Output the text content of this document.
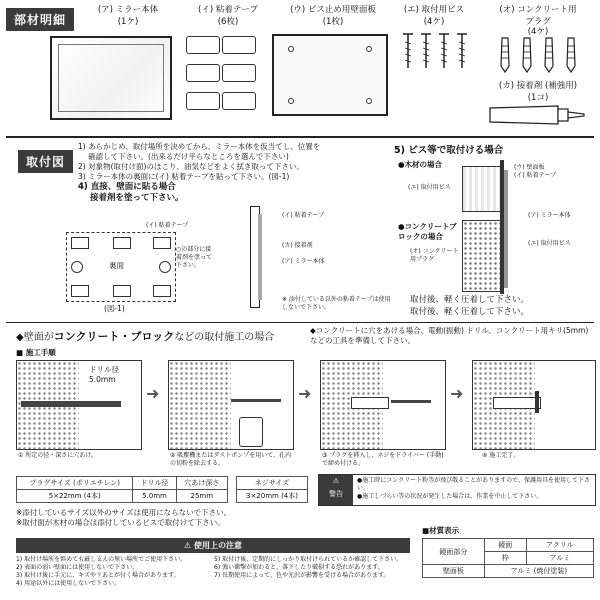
部材明細
(ア) ミラー本体
(1ケ)
(イ) 粘着テープ
(6枚)
(ウ) ビス止め用壁面板
(1枚)
(エ) 取付用ビス
(4ケ)
(オ) コンクリート用
プラグ
(4ケ)
(カ) 接着剤 (補強用)
(1コ)
取付図
1) あらかじめ、取付場所を決めてから、ミラー本体を仮当てし、位置を
確認して下さい。(出来るだけ平らなところを選んで下さい)
2) 対象物(取付け面)のほこり、油気などをよく拭き取って下さい。
3) ミラー本体の裏面に(イ) 粘着テープを貼って下さい。(図-1)
4) 直接、壁面に貼る場合
接着剤を塗って下さい。
(イ) 粘着テープ
裏面
○の部分に接着剤を塗って下さい。
(図-1)
(イ) 粘着テープ
(カ) 接着剤
(ア) ミラー本体
※ 添付している以外の粘着テープは使用しないで下さい。
5) ビス等で取付ける場合
●木材の場合
●コンクリートブロックの場合
(ウ) 壁面板
(イ) 粘着テープ
(エ) 取付用ビス
(ア) ミラー本体
(エ) 取付用ビス
(オ) コンクリート用プラグ
取付後、軽く圧着して下さい。
取付後、軽く圧着して下さい。
◆壁面がコンクリート・ブロックなどの取付施工の場合
◆コンクリートに穴をあける場合、電動(振動) ドリル、コンクリート用キリ(5mm) などの工具を準備して下さい。
■ 施工手順
ドリル径
5.0mm
➜	➜	➜
① 所定の径・深さに穴あけ。	② 吸塵機またはダストポンプを用いて、孔内の切粉を除去する。
③ プラグを挿入し、ネジをドライバー (手動) で締め付ける。
④ 施工完了。
プラグサイズ (ポリエチレン)	ドリル径	穴あけ深さ
5×22mm (4本)	5.0mm	25mm
ネジサイズ
3×20mm (4本)
⚠
警告
●施工時にコンクリート粉等が飛び散ることがありますので、保護用具を使用して下さい。
●施工しづらい等の状況が発生した場合は、作業を中止して下さい。
※添付しているサイズ以外のサイズは使用にならないで下さい。
※取付面が木材の場合は添付しているビスで取付けて下さい。
⚠ 使用上の注意
1) 取付け場所を慎めても厳し支えの無い場所でご使用下さい。
2) 表面の弱い壁面には使用しないで下さい。
3) 取付け後に手元に、キズやリあとが付く場合があります。
4) 用途以外には使用しないで下さい。
5) 取付け後、定期的にしっかり取付けられているか確認して下さい。
6) 強い衝撃が加わると、落下したり破損する恐れがあります。
7) 長期使用によって、色や光沢が影響を受ける場合があります。
■材質表示
鏡面部分	鏡面	アクリル
	枠	アルミ
壁面板	アルミ (焼付塗装)	
